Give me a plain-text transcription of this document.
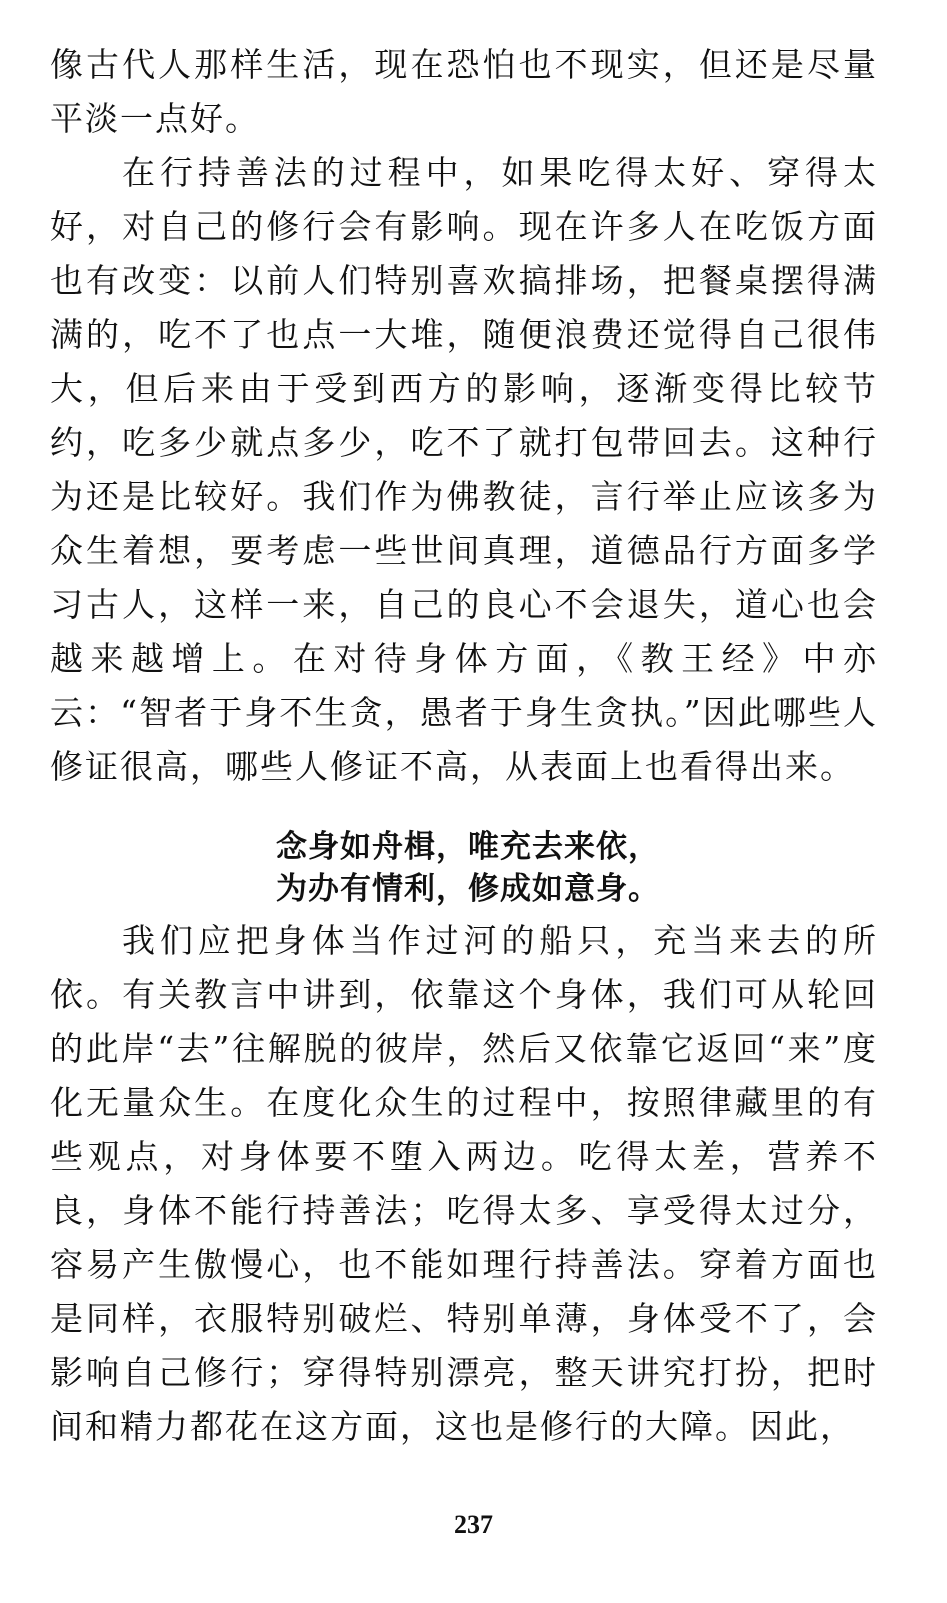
像古代人那样生活，现在恐怕也不现实，但还是尽量平淡一点好。

在行持善法的过程中，如果吃得太好、穿得太好，对自己的修行会有影响。现在许多人在吃饭方面也有改变：以前人们特别喜欢搞排场，把餐桌摆得满满的，吃不了也点一大堆，随便浪费还觉得自己很伟大，但后来由于受到西方的影响，逐渐变得比较节约，吃多少就点多少，吃不了就打包带回去。这种行为还是比较好。我们作为佛教徒，言行举止应该多为众生着想，要考虑一些世间真理，道德品行方面多学习古人，这样一来，自己的良心不会退失，道心也会越来越增上。在对待身体方面，《教王经》中亦云：“智者于身不生贪，愚者于身生贪执。”因此哪些人修证很高，哪些人修证不高，从表面上也看得出来。

念身如舟楫，唯充去来依，
为办有情利，修成如意身。

我们应把身体当作过河的船只，充当来去的所依。有关教言中讲到，依靠这个身体，我们可从轮回的此岸“去”往解脱的彼岸，然后又依靠它返回“来”度化无量众生。在度化众生的过程中，按照律藏里的有些观点，对身体要不堕入两边。吃得太差，营养不良，身体不能行持善法；吃得太多、享受得太过分，容易产生傲慢心，也不能如理行持善法。穿着方面也是同样，衣服特别破烂、特别单薄，身体受不了，会影响自己修行；穿得特别漂亮，整天讲究打扮，把时间和精力都花在这方面，这也是修行的大障。因此，

237
